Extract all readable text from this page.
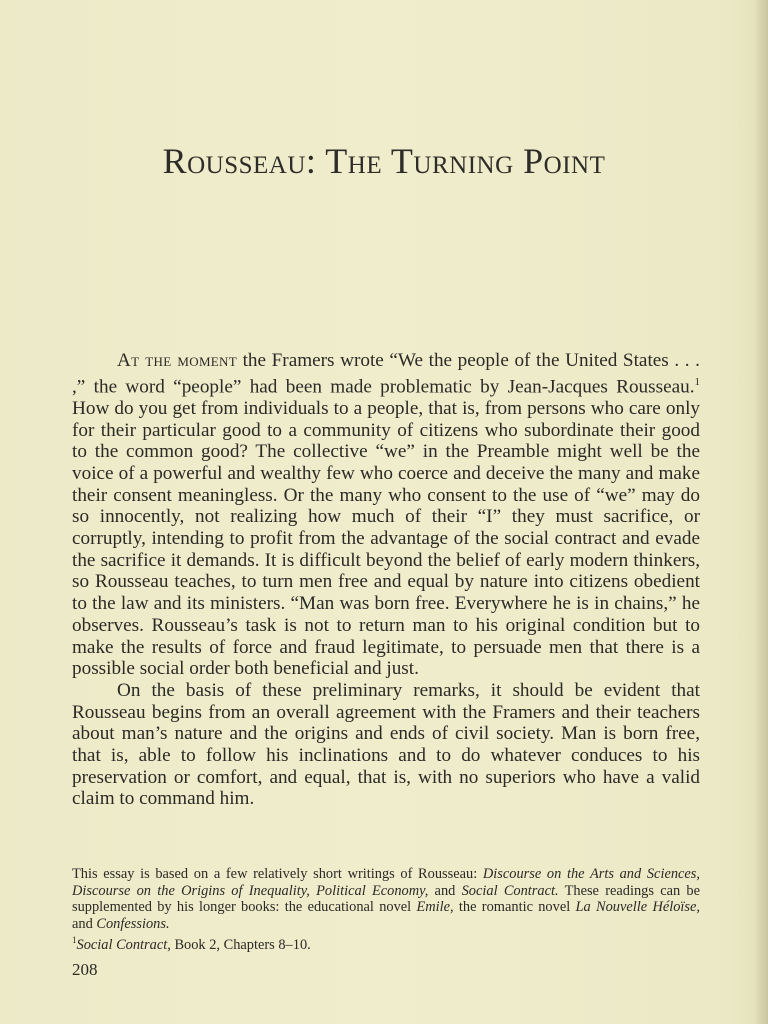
Rousseau: The Turning Point

At the moment the Framers wrote “We the people of the United States . . . ,” the word “people” had been made problematic by Jean-Jacques Rousseau.$^1$ How do you get from individuals to a people, that is, from persons who care only for their particular good to a community of citizens who subordinate their good to the common good? The collective “we” in the Preamble might well be the voice of a powerful and wealthy few who coerce and deceive the many and make their consent meaningless. Or the many who consent to the use of “we” may do so innocently, not realizing how much of their “I” they must sacrifice, or corruptly, intending to profit from the advantage of the social contract and evade the sacrifice it demands. It is difficult beyond the belief of early modern thinkers, so Rousseau teaches, to turn men free and equal by nature into citizens obedient to the law and its ministers. “Man was born free. Everywhere he is in chains,” he observes. Rousseau’s task is not to return man to his original condition but to make the results of force and fraud legitimate, to persuade men that there is a possible social order both beneficial and just.

On the basis of these preliminary remarks, it should be evident that Rousseau begins from an overall agreement with the Framers and their teachers about man’s nature and the origins and ends of civil society. Man is born free, that is, able to follow his inclinations and to do whatever conduces to his preservation or comfort, and equal, that is, with no superiors who have a valid claim to command him.

This essay is based on a few relatively short writings of Rousseau: Discourse on the Arts and Sciences, Discourse on the Origins of Inequality, Political Economy, and Social Contract. These readings can be supplemented by his longer books: the educational novel Emile, the romantic novel La Nouvelle Héloïse, and Confessions.

$^1$Social Contract, Book 2, Chapters 8–10.

208
